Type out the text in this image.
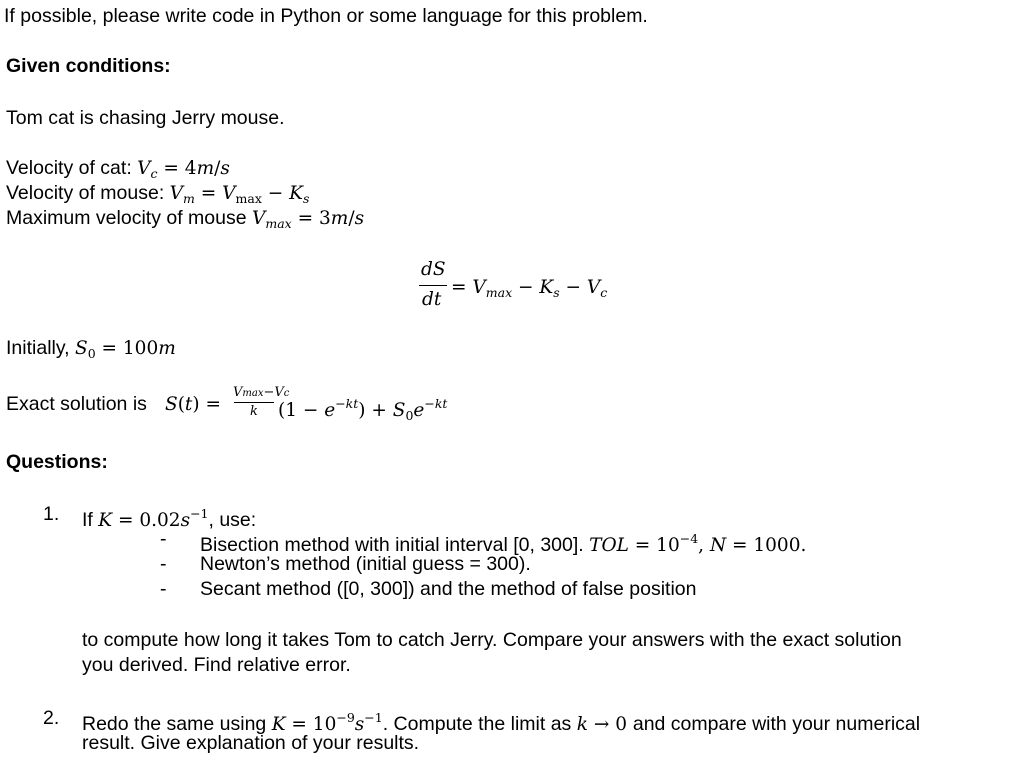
If possible, please write code in Python or some language for this problem.
Given conditions:
Tom cat is chasing Jerry mouse.
Velocity of cat: $V_c = 4m/s$
Velocity of mouse: $V_m = V_{max} - K_s$
Maximum velocity of mouse $V_{max} = 3m/s$
dS
dt
= $V_{max} - K_s - V_c$
Initially, $S_0 = 100m$
Exact solution is S(t) =
Vmax−Vc
k	$(1 - e^{-kt}) + S_0e^{-kt}$
Questions:
1. If $K = 0.02s^{-1}$, use:
- Bisection method with initial interval [0, 300]. TOL = $10^{-4}$, N = 1000.
- Newton’s method (initial guess = 300).
- Secant method ([0, 300]) and the method of false position
to compute how long it takes Tom to catch Jerry. Compare your answers with the exact solution
you derived. Find relative error.
2. Redo the same using $K = 10^{-9}s^{-1}$. Compute the limit as k → 0 and compare with your numerical
result. Give explanation of your results.
